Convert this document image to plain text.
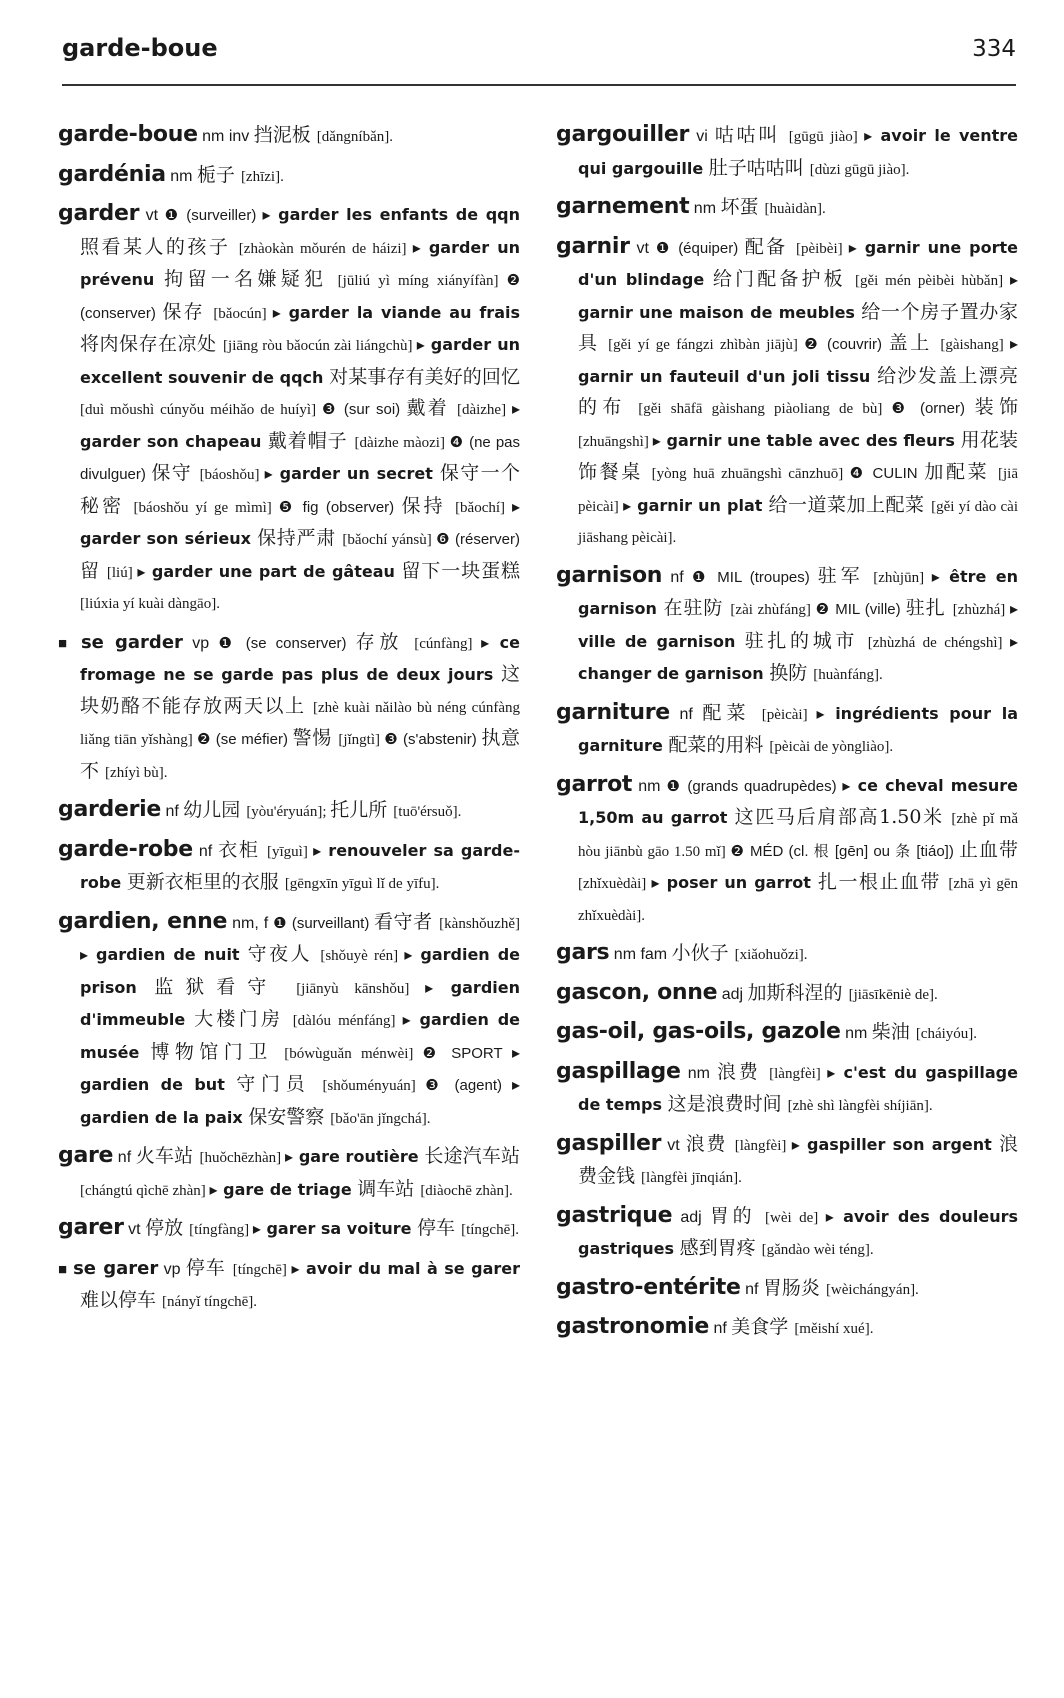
garde-boue	334

garde-boue nm inv 挡泥板 [dǎngníbǎn].

gardénia nm 栀子 [zhīzi].

garder vt ❶ (surveiller) ▸ garder les enfants de qqn 照看某人的孩子 [zhàokàn mǒurén de háizi] ▸ garder un prévenu 拘留一名嫌疑犯 [jūliú yì míng xiányífàn] ❷ (conserver) 保存 [bǎocún] ▸ garder la viande au frais 将肉保存在凉处 [jiāng ròu bǎocún zài liángchù] ▸ garder un excellent souvenir de qqch 对某事存有美好的回忆 [duì mǒushì cúnyǒu méihǎo de huíyì] ❸ (sur soi) 戴着 [dàizhe] ▸ garder son chapeau 戴着帽子 [dàizhe màozi] ❹ (ne pas divulguer) 保守 [báoshǒu] ▸ garder un secret 保守一个秘密 [báoshǒu yí ge mìmì] ❺ fig (observer) 保持 [bǎochí] ▸ garder son sérieux 保持严肃 [bǎochí yánsù] ❻ (réserver) 留 [liú] ▸ garder une part de gâteau 留下一块蛋糕 [liúxia yí kuài dàngāo].

■ se garder vp ❶ (se conserver) 存放 [cúnfàng] ▸ ce fromage ne se garde pas plus de deux jours 这块奶酪不能存放两天以上 [zhè kuài nǎilào bù néng cúnfàng liǎng tiān yǐshàng] ❷ (se méfier) 警惕 [jǐngtì] ❸ (s'abstenir) 执意不 [zhíyì bù].

garderie nf 幼儿园 [yòu'éryuán]; 托儿所 [tuō'érsuǒ].

garde-robe nf 衣柜 [yīguì] ▸ renouveler sa garde-robe 更新衣柜里的衣服 [gēngxīn yīguì lǐ de yīfu].

gardien, enne nm, f ❶ (surveillant) 看守者 [kànshǒuzhě] ▸ gardien de nuit 守夜人 [shǒuyè rén] ▸ gardien de prison 监狱看守 [jiānyù kānshǒu] ▸ gardien d'immeuble 大楼门房 [dàlóu ménfáng] ▸ gardien de musée 博物馆门卫 [bówùguǎn ménwèi] ❷ SPORT ▸ gardien de but 守门员 [shǒuményuán] ❸ (agent) ▸ gardien de la paix 保安警察 [bǎo'ān jǐngchá].

gare nf 火车站 [huǒchēzhàn] ▸ gare routière 长途汽车站 [chángtú qìchē zhàn] ▸ gare de triage 调车站 [diàochē zhàn].

garer vt 停放 [tíngfàng] ▸ garer sa voiture 停车 [tíngchē].

■ se garer vp 停车 [tíngchē] ▸ avoir du mal à se garer 难以停车 [nányǐ tíngchē].

gargouiller vi 咕咕叫 [gūgū jiào] ▸ avoir le ventre qui gargouille 肚子咕咕叫 [dùzi gūgū jiào].

garnement nm 坏蛋 [huàidàn].

garnir vt ❶ (équiper) 配备 [pèibèi] ▸ garnir une porte d'un blindage 给门配备护板 [gěi mén pèibèi hùbǎn] ▸ garnir une maison de meubles 给一个房子置办家具 [gěi yí ge fángzi zhìbàn jiājù] ❷ (couvrir) 盖上 [gàishang] ▸ garnir un fauteuil d'un joli tissu 给沙发盖上漂亮的布 [gěi shāfā gàishang piàoliang de bù] ❸ (orner) 装饰 [zhuāngshì] ▸ garnir une table avec des fleurs 用花装饰餐桌 [yòng huā zhuāngshì cānzhuō] ❹ CULIN 加配菜 [jiā pèicài] ▸ garnir un plat 给一道菜加上配菜 [gěi yí dào cài jiāshang pèicài].

garnison nf ❶ MIL (troupes) 驻军 [zhùjūn] ▸ être en garnison 在驻防 [zài zhùfáng] ❷ MIL (ville) 驻扎 [zhùzhá] ▸ ville de garnison 驻扎的城市 [zhùzhá de chéngshì] ▸ changer de garnison 换防 [huànfáng].

garniture nf 配菜 [pèicài] ▸ ingrédients pour la garniture 配菜的用料 [pèicài de yòngliào].

garrot nm ❶ (grands quadrupèdes) ▸ ce cheval mesure 1,50m au garrot 这匹马后肩部高1.50米 [zhè pǐ mǎ hòu jiānbù gāo 1.50 mǐ] ❷ MÉD (cl. 根 [gēn] ou 条 [tiáo]) 止血带 [zhǐxuèdài] ▸ poser un garrot 扎一根止血带 [zhā yì gēn zhǐxuèdài].

gars nm fam 小伙子 [xiǎohuǒzi].

gascon, onne adj 加斯科涅的 [jiāsīkēniè de].

gas-oil, gas-oils, gazole nm 柴油 [cháiyóu].

gaspillage nm 浪费 [làngfèi] ▸ c'est du gaspillage de temps 这是浪费时间 [zhè shì làngfèi shíjiān].

gaspiller vt 浪费 [làngfèi] ▸ gaspiller son argent 浪费金钱 [làngfèi jīnqián].

gastrique adj 胃的 [wèi de] ▸ avoir des douleurs gastriques 感到胃疼 [gǎndào wèi téng].

gastro-entérite nf 胃肠炎 [wèichángyán].

gastronomie nf 美食学 [měishí xué].
